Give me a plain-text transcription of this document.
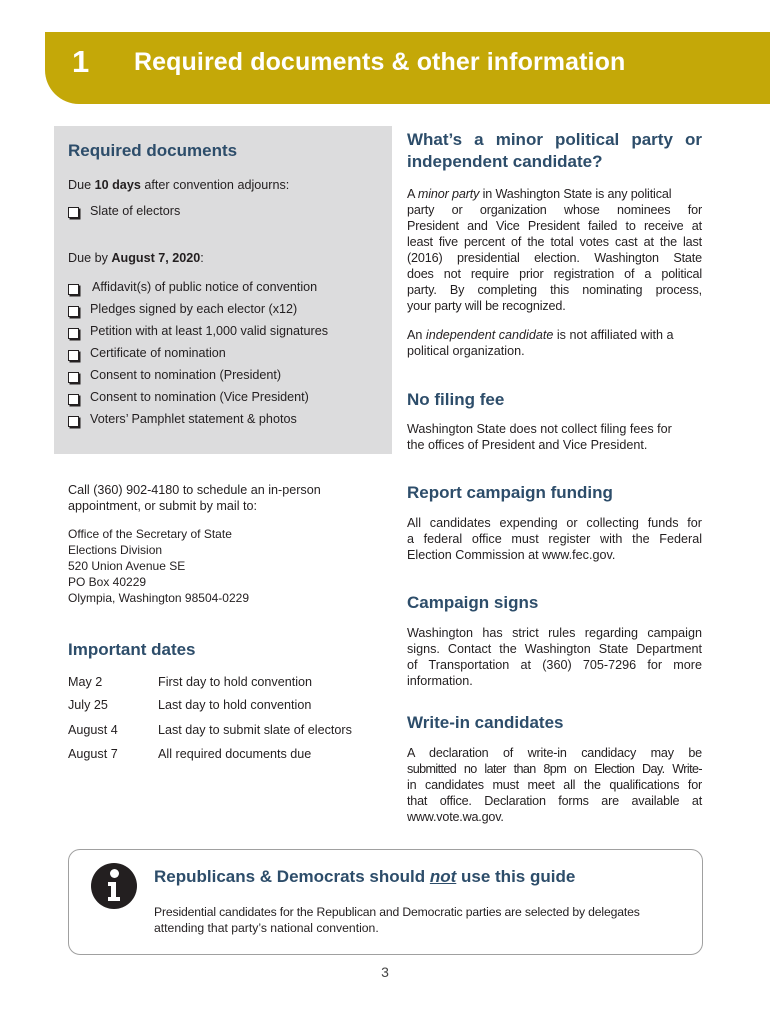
1 Required documents & other information
Required documents
Due 10 days after convention adjourns:
Slate of electors
Due by August 7, 2020:
Affidavit(s) of public notice of convention
Pledges signed by each elector (x12)
Petition with at least 1,000 valid signatures
Certificate of nomination
Consent to nomination (President)
Consent to nomination (Vice President)
Voters’ Pamphlet statement & photos
Call (360) 902-4180 to schedule an in-person
appointment, or submit by mail to:
Office of the Secretary of State
Elections Division
520 Union Avenue SE
PO Box 40229
Olympia, Washington 98504-0229
Important dates
May 2	First day to hold convention
July 25	Last day to hold convention
August 4	Last day to submit slate of electors
August 7	All required documents due
What’s a minor political party or
independent candidate?
A minor party in Washington State is any political
party or organization whose nominees for
President and Vice President failed to receive at
least five percent of the total votes cast at the last
(2016) presidential election. Washington State
does not require prior registration of a political
party. By completing this nominating process,
your party will be recognized.
An independent candidate is not affiliated with a
political organization.
No filing fee
Washington State does not collect filing fees for
the offices of President and Vice President.
Report campaign funding
All candidates expending or collecting funds for
a federal office must register with the Federal
Election Commission at www.fec.gov.
Campaign signs
Washington has strict rules regarding campaign
signs. Contact the Washington State Department
of Transportation at (360) 705-7296 for more
information.
Write-in candidates
A declaration of write-in candidacy may be
submitted no later than 8pm on Election Day. Write-
in candidates must meet all the qualifications for
that office. Declaration forms are available at
www.vote.wa.gov.
Republicans & Democrats should not use this guide
Presidential candidates for the Republican and Democratic parties are selected by delegates
attending that party’s national convention.
3
